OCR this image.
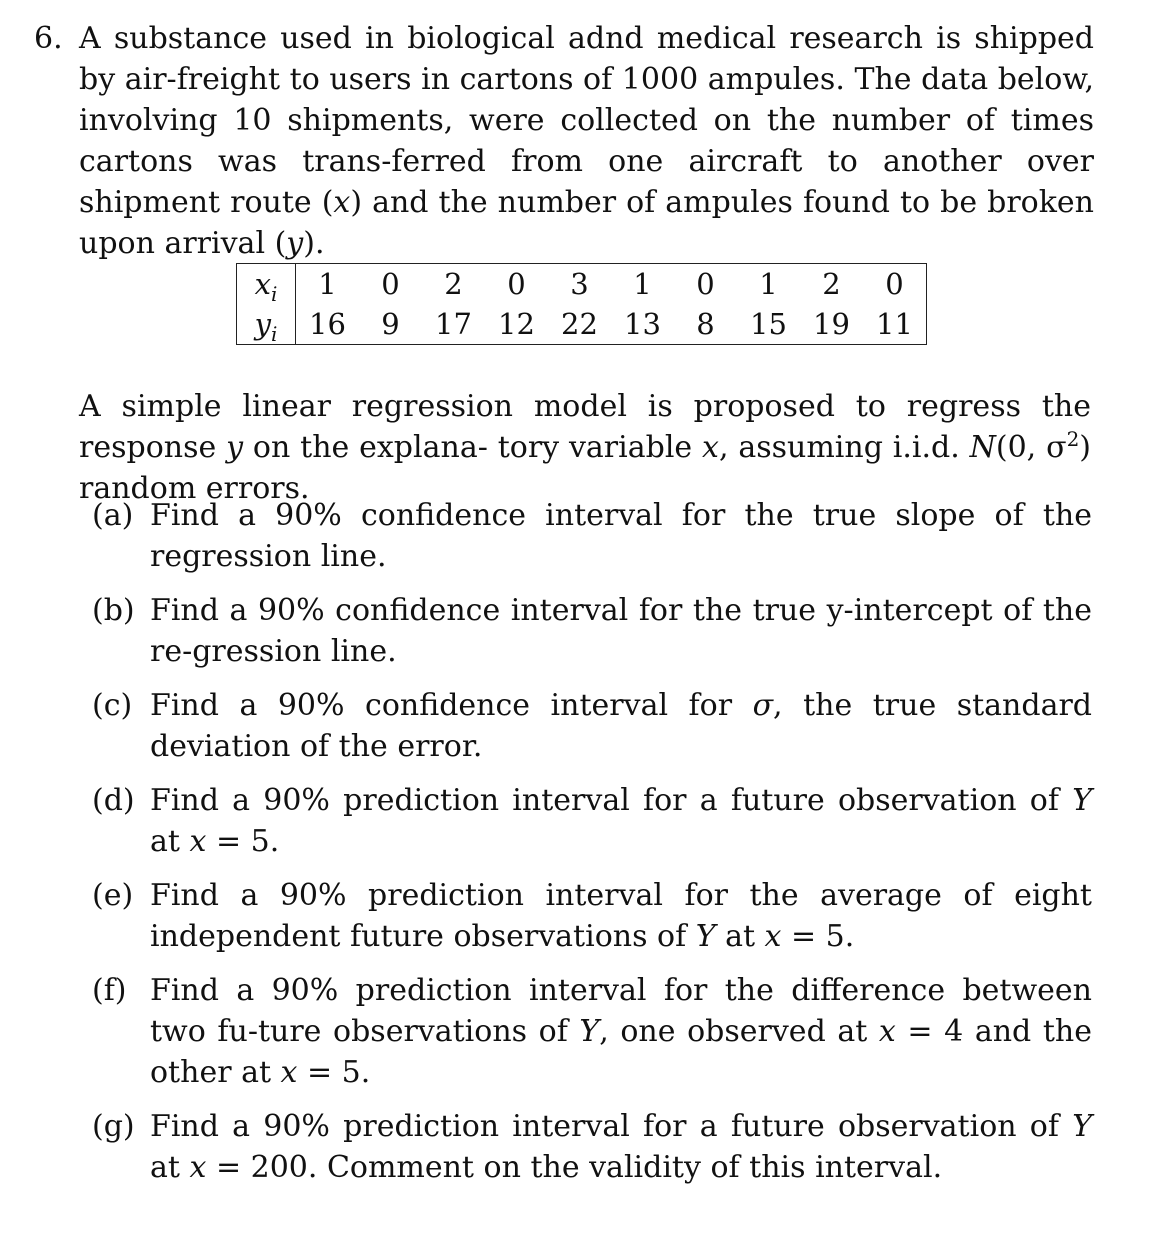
6. A substance used in biological adnd medical research is shipped by air-freight to users in cartons of 1000 ampules. The data below, involving 10 shipments, were collected on the number of times cartons was trans-ferred from one aircraft to another over shipment route (x) and the number of ampules found to be broken upon arrival (y).
$x_i$	1	0	2	0	3	1	0	1	2	0
$y_i$	16	9	17	12	22	13	8	15	19	11
A simple linear regression model is proposed to regress the response y on the explana- tory variable x, assuming i.i.d. N(0, $\sigma^2$) random errors.
(a) Find a 90% confidence interval for the true slope of the regression line.
(b) Find a 90% confidence interval for the true y-intercept of the re-gression line.
(c) Find a 90% confidence interval for σ, the true standard deviation of the error.
(d) Find a 90% prediction interval for a future observation of Y at x = 5.
(e) Find a 90% prediction interval for the average of eight independent future observations of Y at x = 5.
(f) Find a 90% prediction interval for the difference between two fu-ture observations of Y, one observed at x = 4 and the other at x = 5.
(g) Find a 90% prediction interval for a future observation of Y at x = 200. Comment on the validity of this interval.
